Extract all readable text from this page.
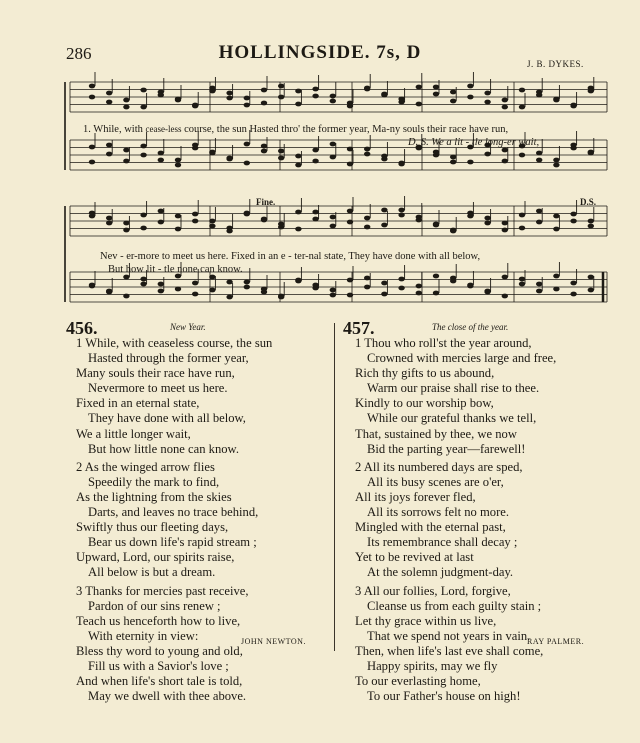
286	HOLLINGSIDE. 7s, D
J. B. DYKES.
1. While, with cease-less course, the sun Hasted thro' the former year, Ma-ny souls their race have run,
D. S. We a lit - tle long-er wait,
Fine.	D.S.
Nev - er-more to meet us here. Fixed in an e - ter-nal state, They have done with all below,
But how lit - tle none can know.
456.	New Year.
1 While, with ceaseless course, the sun
Hasted through the former year,
Many souls their race have run,
Nevermore to meet us here.
Fixed in an eternal state,
They have done with all below,
We a little longer wait,
But how little none can know.
2 As the winged arrow flies
Speedily the mark to find,
As the lightning from the skies
Darts, and leaves no trace behind,
Swiftly thus our fleeting days,
Bear us down life's rapid stream ;
Upward, Lord, our spirits raise,
All below is but a dream.
3 Thanks for mercies past receive,
Pardon of our sins renew ;
Teach us henceforth how to live,
With eternity in view:
Bless thy word to young and old,
Fill us with a Savior's love ;
And when life's short tale is told,
May we dwell with thee above.
JOHN NEWTON.
457.	The close of the year.
1 Thou who roll'st the year around,
Crowned with mercies large and free,
Rich thy gifts to us abound,
Warm our praise shall rise to thee.
Kindly to our worship bow,
While our grateful thanks we tell,
That, sustained by thee, we now
Bid the parting year—farewell!
2 All its numbered days are sped,
All its busy scenes are o'er,
All its joys forever fled,
All its sorrows felt no more.
Mingled with the eternal past,
Its remembrance shall decay ;
Yet to be revived at last
At the solemn judgment-day.
3 All our follies, Lord, forgive,
Cleanse us from each guilty stain ;
Let thy grace within us live,
That we spend not years in vain.
Then, when life's last eve shall come,
Happy spirits, may we fly
To our everlasting home,
To our Father's house on high!
RAY PALMER.
